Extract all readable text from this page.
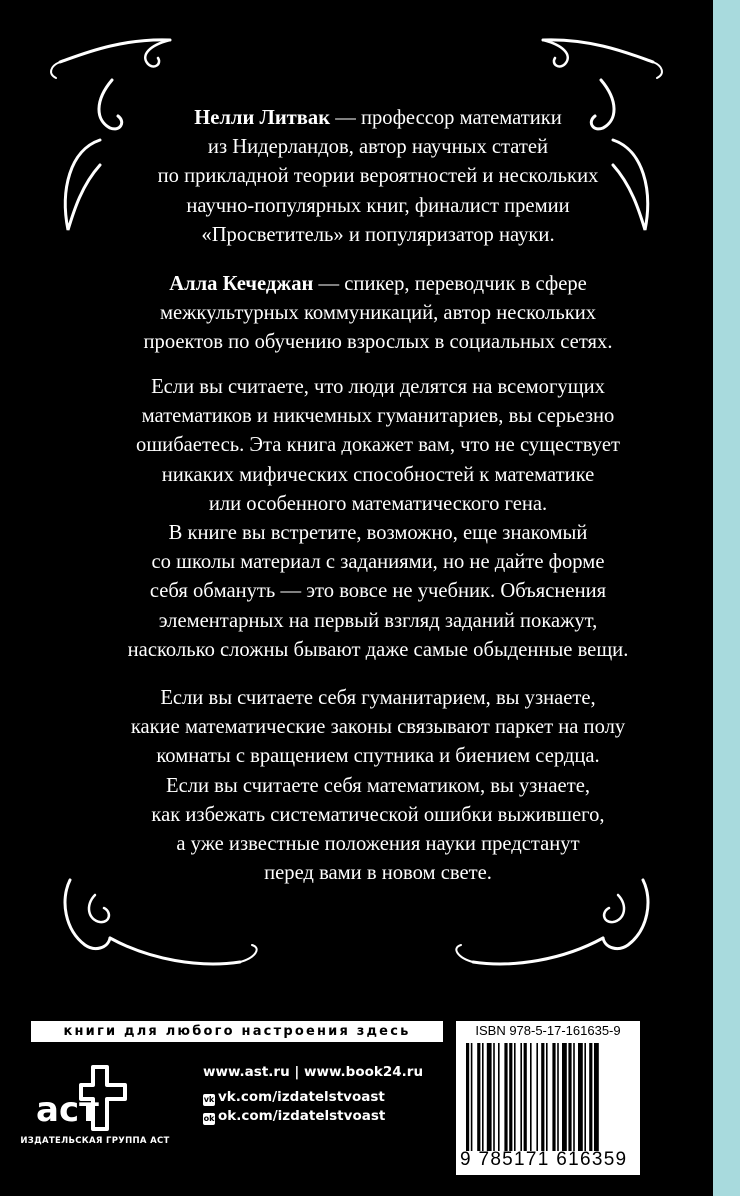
Нелли Литвак — профессор математики
из Нидерландов, автор научных статей
по прикладной теории вероятностей и нескольких
научно-популярных книг, финалист премии
«Просветитель» и популяризатор науки.

Алла Кечеджан — спикер, переводчик в сфере
межкультурных коммуникаций, автор нескольких
проектов по обучению взрослых в социальных сетях.

Если вы считаете, что люди делятся на всемогущих
математиков и никчемных гуманитариев, вы серьезно
ошибаетесь. Эта книга докажет вам, что не существует
никаких мифических способностей к математике
или особенного математического гена.
В книге вы встретите, возможно, еще знакомый
со школы материал с заданиями, но не дайте форме
себя обмануть — это вовсе не учебник. Объяснения
элементарных на первый взгляд заданий покажут,
насколько сложны бывают даже самые обыденные вещи.

Если вы считаете себя гуманитарием, вы узнаете,
какие математические законы связывают паркет на полу
комнаты с вращением спутника и биением сердца.
Если вы считаете себя математиком, вы узнаете,
как избежать систематической ошибки выжившего,
а уже известные положения науки предстанут
перед вами в новом свете.

книги для любого настроения здесь
аст
ИЗДАТЕЛЬСКАЯ ГРУППА АСТ
www.ast.ru | www.book24.ru
vk vk.com/izdatelstvoast
ok ok.com/izdatelstvoast
ISBN 978-5-17-161635-9
9 785171 616359
